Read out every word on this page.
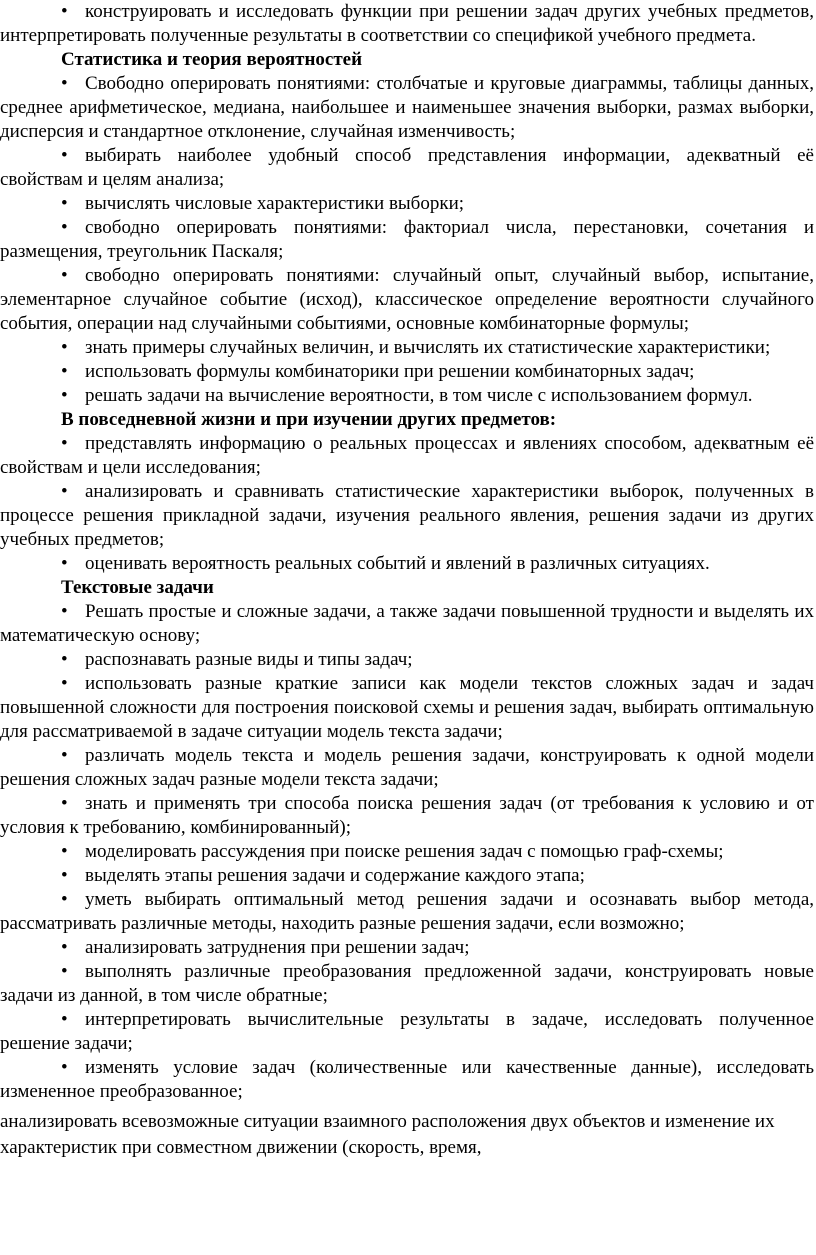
• конструировать и исследовать функции при решении задач других учебных предметов, интерпретировать полученные результаты в соответствии со спецификой учебного предмета.

Статистика и теория вероятностей

• Свободно оперировать понятиями: столбчатые и круговые диаграммы, таблицы данных, среднее арифметическое, медиана, наибольшее и наименьшее значения выборки, размах выборки, дисперсия и стандартное отклонение, случайная изменчивость;

• выбирать наиболее удобный способ представления информации, адекватный её свойствам и целям анализа;

• вычислять числовые характеристики выборки;

• свободно оперировать понятиями: факториал числа, перестановки, сочетания и размещения, треугольник Паскаля;

• свободно оперировать понятиями: случайный опыт, случайный выбор, испытание, элементарное случайное событие (исход), классическое определение вероятности случайного события, операции над случайными событиями, основные комбинаторные формулы;

• знать примеры случайных величин, и вычислять их статистические характеристики;

• использовать формулы комбинаторики при решении комбинаторных задач;

• решать задачи на вычисление вероятности, в том числе с использованием формул.

В повседневной жизни и при изучении других предметов:

• представлять информацию о реальных процессах и явлениях способом, адекватным её свойствам и цели исследования;

• анализировать и сравнивать статистические характеристики выборок, полученных в процессе решения прикладной задачи, изучения реального явления, решения задачи из других учебных предметов;

• оценивать вероятность реальных событий и явлений в различных ситуациях.

Текстовые задачи

• Решать простые и сложные задачи, а также задачи повышенной трудности и выделять их математическую основу;

• распознавать разные виды и типы задач;

• использовать разные краткие записи как модели текстов сложных задач и задач повышенной сложности для построения поисковой схемы и решения задач, выбирать оптимальную для рассматриваемой в задаче ситуации модель текста задачи;

• различать модель текста и модель решения задачи, конструировать к одной модели решения сложных задач разные модели текста задачи;

• знать и применять три способа поиска решения задач (от требования к условию и от условия к требованию, комбинированный);

• моделировать рассуждения при поиске решения задач с помощью граф-схемы;

• выделять этапы решения задачи и содержание каждого этапа;

• уметь выбирать оптимальный метод решения задачи и осознавать выбор метода, рассматривать различные методы, находить разные решения задачи, если возможно;

• анализировать затруднения при решении задач;

• выполнять различные преобразования предложенной задачи, конструировать новые задачи из данной, в том числе обратные;

• интерпретировать вычислительные результаты в задаче, исследовать полученное решение задачи;

• изменять условие задач (количественные или качественные данные), исследовать измененное преобразованное;

анализировать всевозможные ситуации взаимного расположения двух объектов и изменение их характеристик при совместном движении (скорость, время,
